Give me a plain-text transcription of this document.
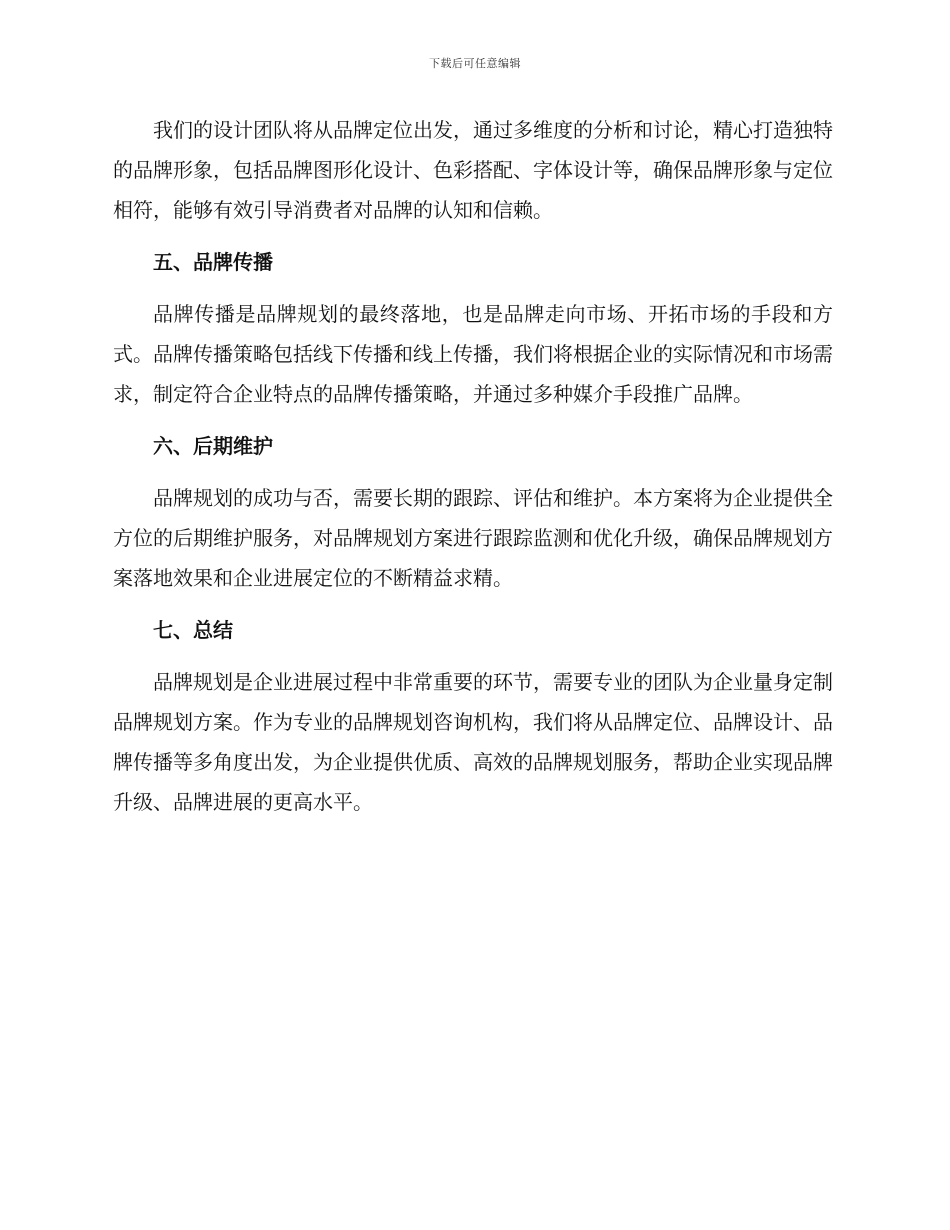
下载后可任意编辑

我们的设计团队将从品牌定位出发，通过多维度的分析和讨论，精心打造独特的品牌形象，包括品牌图形化设计、色彩搭配、字体设计等，确保品牌形象与定位相符，能够有效引导消费者对品牌的认知和信赖。

五、品牌传播

品牌传播是品牌规划的最终落地，也是品牌走向市场、开拓市场的手段和方式。品牌传播策略包括线下传播和线上传播，我们将根据企业的实际情况和市场需求，制定符合企业特点的品牌传播策略，并通过多种媒介手段推广品牌。

六、后期维护

品牌规划的成功与否，需要长期的跟踪、评估和维护。本方案将为企业提供全方位的后期维护服务，对品牌规划方案进行跟踪监测和优化升级，确保品牌规划方案落地效果和企业进展定位的不断精益求精。

七、总结

品牌规划是企业进展过程中非常重要的环节，需要专业的团队为企业量身定制品牌规划方案。作为专业的品牌规划咨询机构，我们将从品牌定位、品牌设计、品牌传播等多角度出发，为企业提供优质、高效的品牌规划服务，帮助企业实现品牌升级、品牌进展的更高水平。
